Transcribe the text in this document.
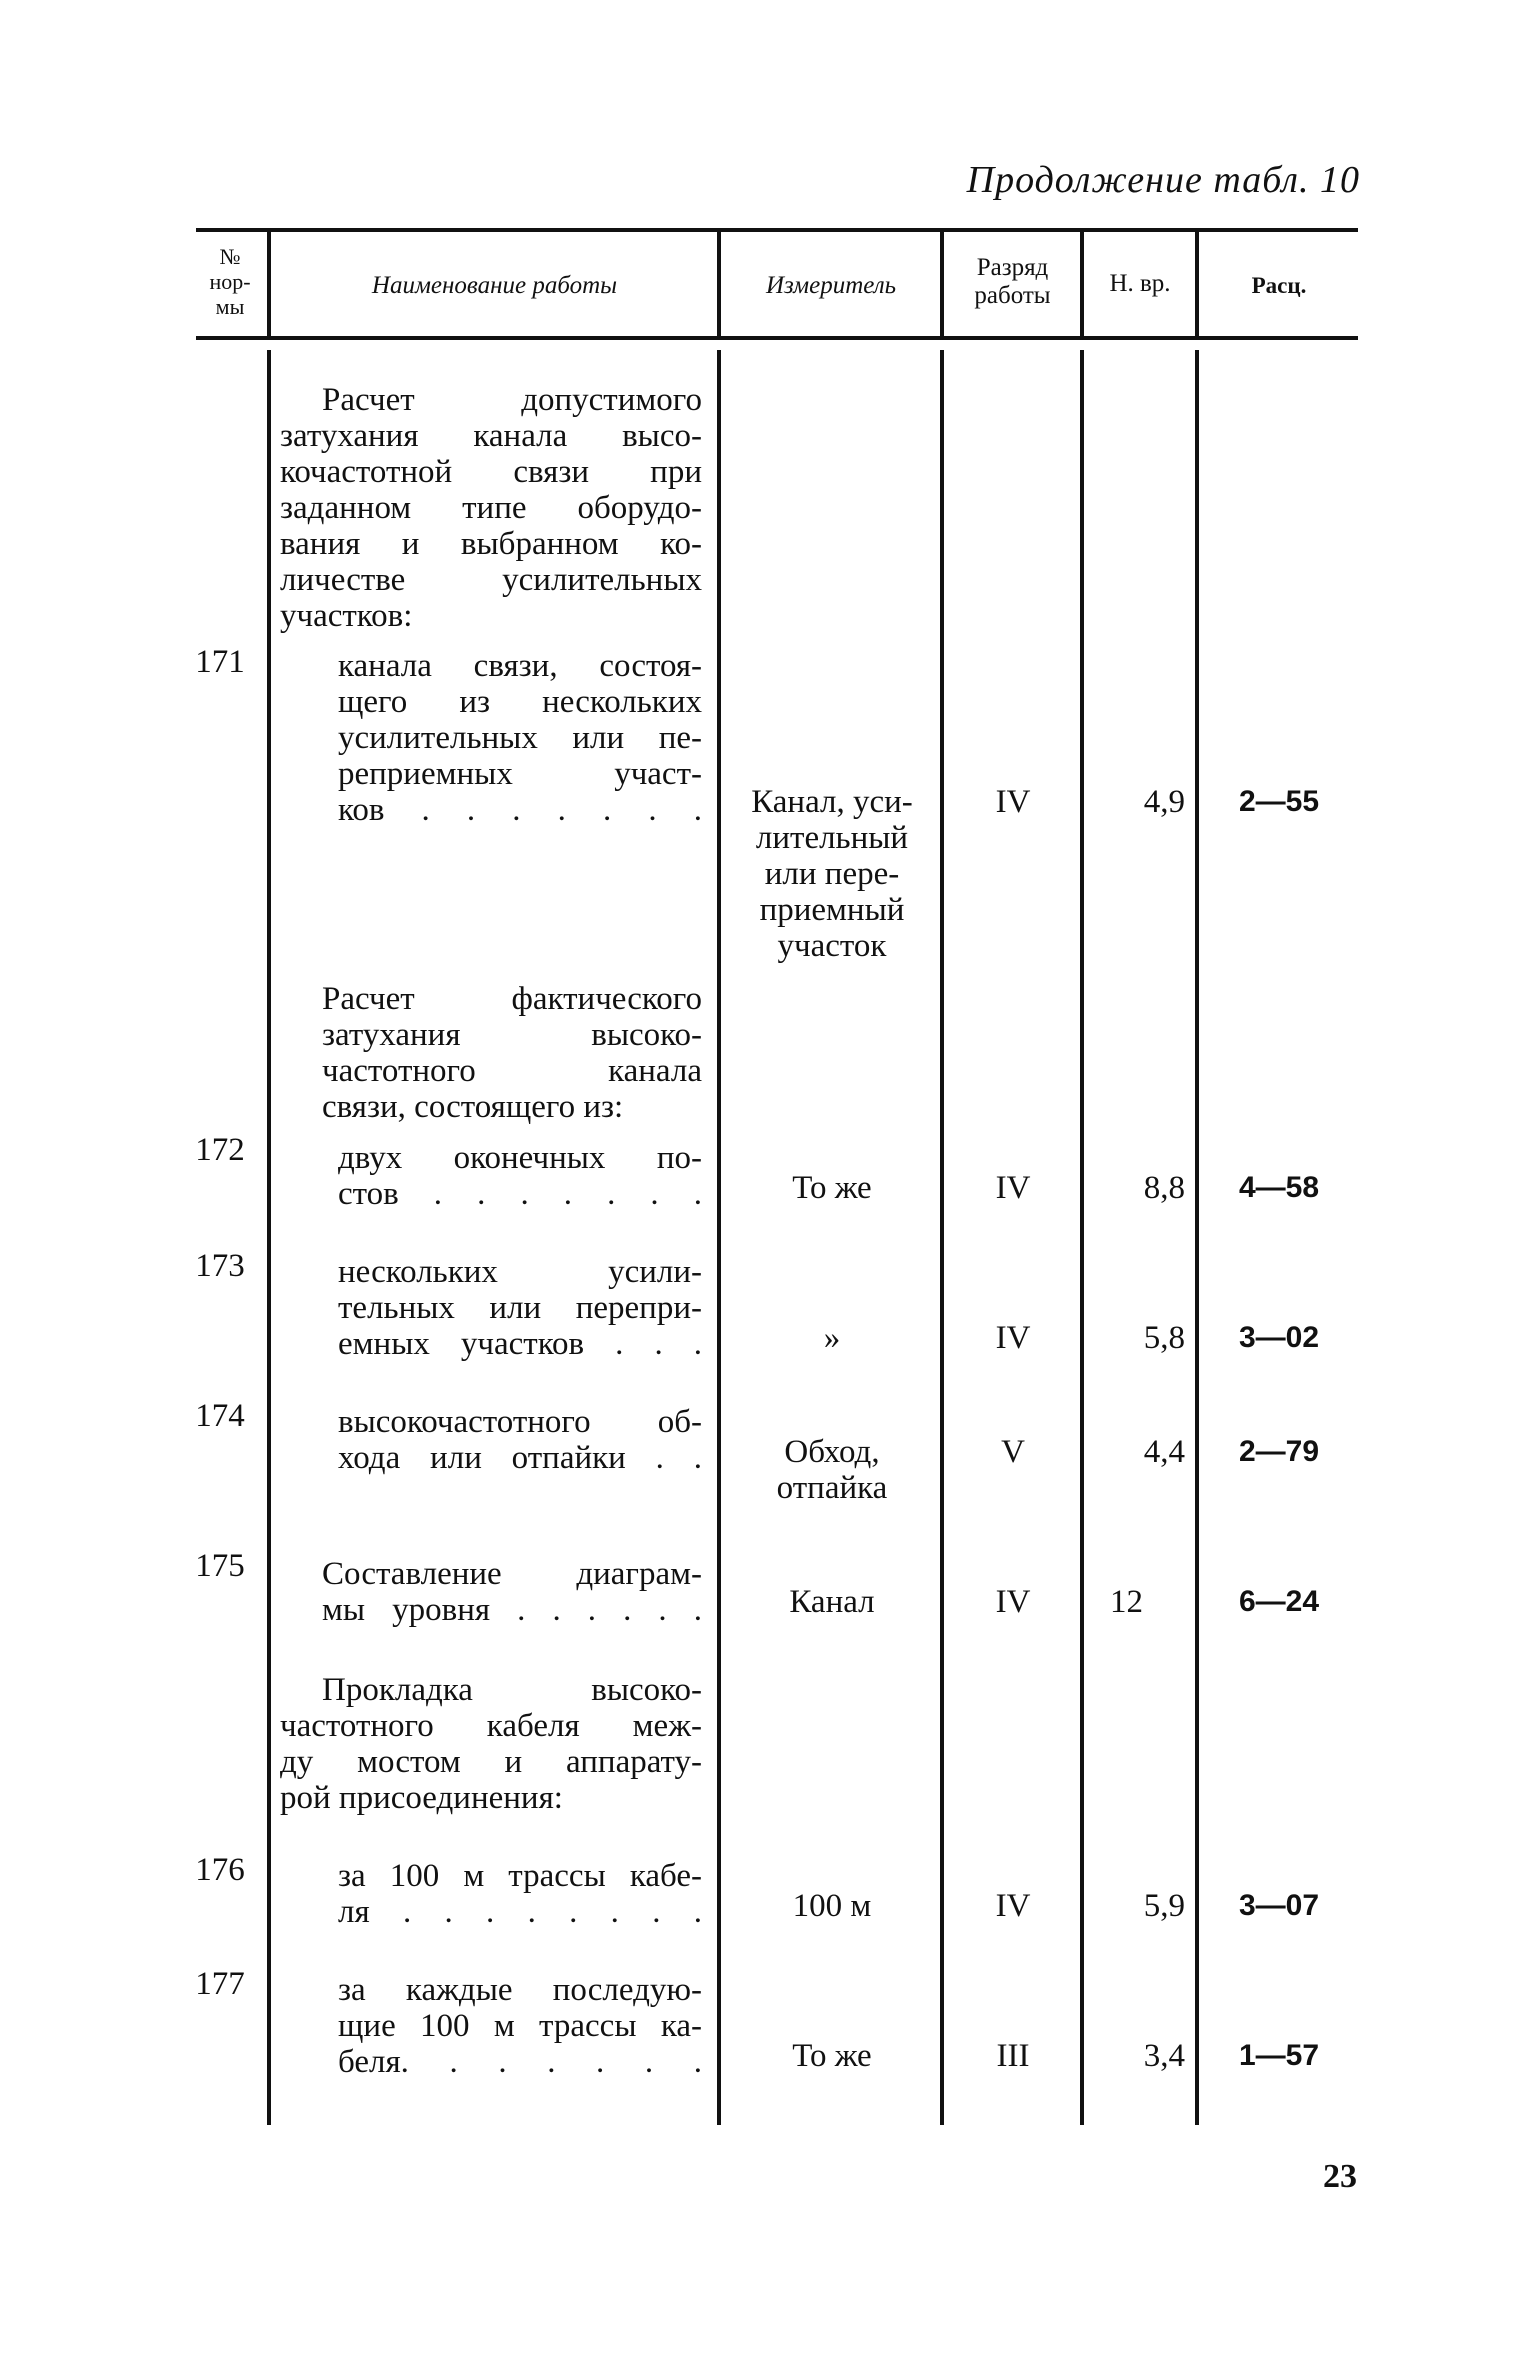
Продолжение табл. 10
№
нор-
мы
Наименование работы	Измеритель
Разряд
работы	Н. вр.	Расц.
Расчет допустимого
затухания канала высо-
кочастотной связи при
заданном типе оборудо-
вания и выбранном ко-
личестве усилительных
участков:
171	канала связи, состоя-
щего из нескольких
усилительных или пе-
реприемных участ-
ков . . . . . . .	Канал, уси-
лительный
или пере-
приемный
участок
IV	4,9	2—55
Расчет фактического
затухания высоко-
частотного канала
связи, состоящего из:
172	двух оконечных по-
стов . . . . . . .	То же	IV	8,8	4—58
173	нескольких усили-
тельных или перепри-
емных участков . . .	»	IV	5,8	3—02
174	высокочастотного об-
хода или отпайки . .	Обход,
отпайка
V	4,4	2—79
175 Составление диаграм-
мы уровня . . . . . .	Канал	IV	12	6—24
Прокладка высоко-
частотного кабеля меж-
ду мостом и аппарату-
рой присоединения:
176	за 100 м трассы кабе-
ля . . . . . . . .	100 м	IV	5,9	3—07
177	за каждые последую-
щие 100 м трассы ка-
беля. . . . . . .	То же	III	3,4	1—57
23
